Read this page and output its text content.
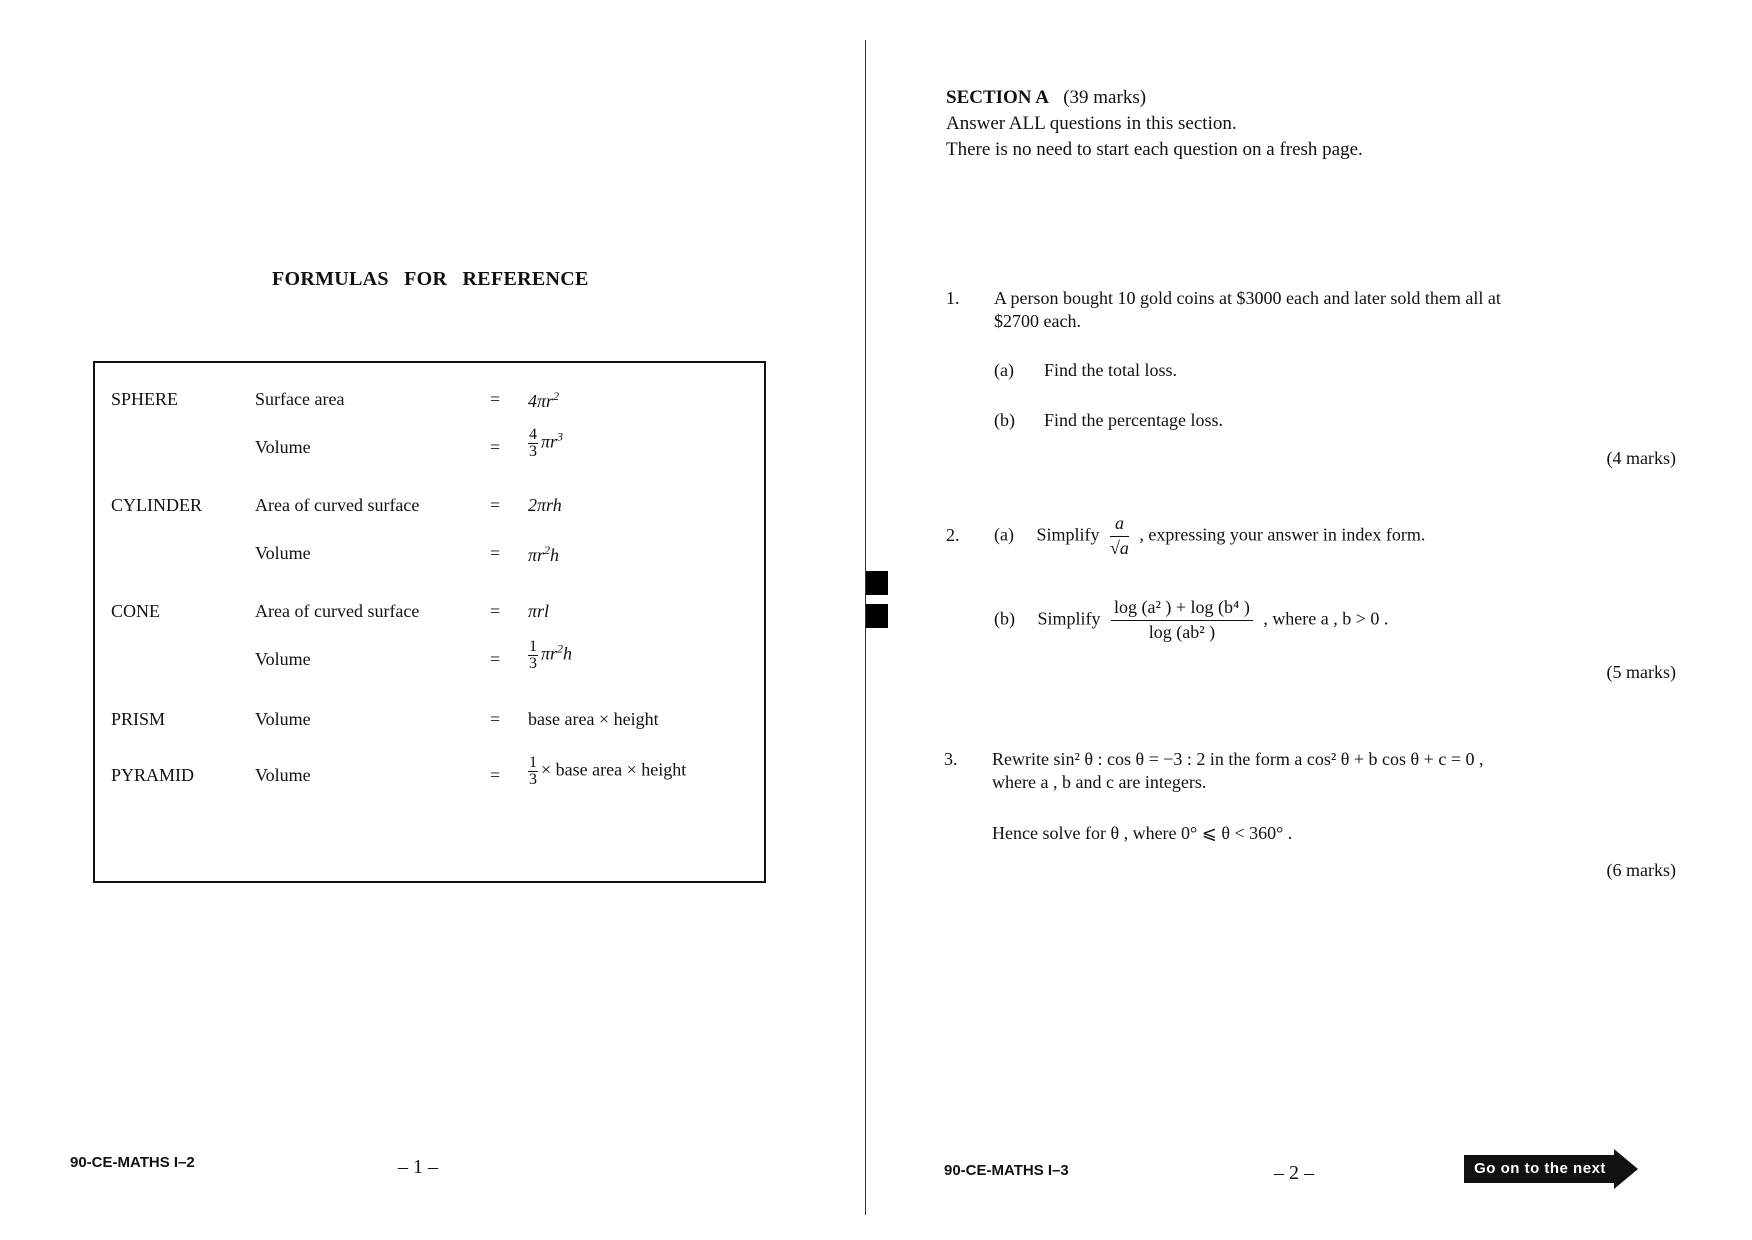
FORMULAS FOR REFERENCE
SPHERE	Surface area	= $4\pi r^2$
Volume	= $\frac{4}{3} \pi r^3$
CYLINDER	Area of curved surface	= 2πrh
Volume	= $\pi r^2h$
CONE	Area of curved surface	= πrl
Volume	= $\frac{1}{3} \pi r^2h$
PRISM	Volume	= base area × height
PYRAMID	Volume	= $\frac{1}{3}$ × base area × height
90-CE-MATHS I–2	– 1 –
SECTION A (39 marks)
Answer ALL questions in this section.
There is no need to start each question on a fresh page.
1. A person bought 10 gold coins at $3000 each and later sold them all at
$2700 each.
(a) Find the total loss.
(b) Find the percentage loss.
(4 marks)
2. (a) Simplify $\frac{a}{√a}$ , expressing your answer in index form.
(b) Simplify $\frac{\text{log (a² ) + log (b⁴ )}}{\text{log (ab² )}}$ , where a , b > 0 .
(5 marks)
3. Rewrite sin² θ : cos θ = −3 : 2 in the form a cos² θ + b cos θ + c = 0 ,
where a , b and c are integers.
Hence solve for θ , where 0° ⩽ θ < 360° .
(6 marks)
90-CE-MATHS I–3	– 2 –	Go on to the next page
